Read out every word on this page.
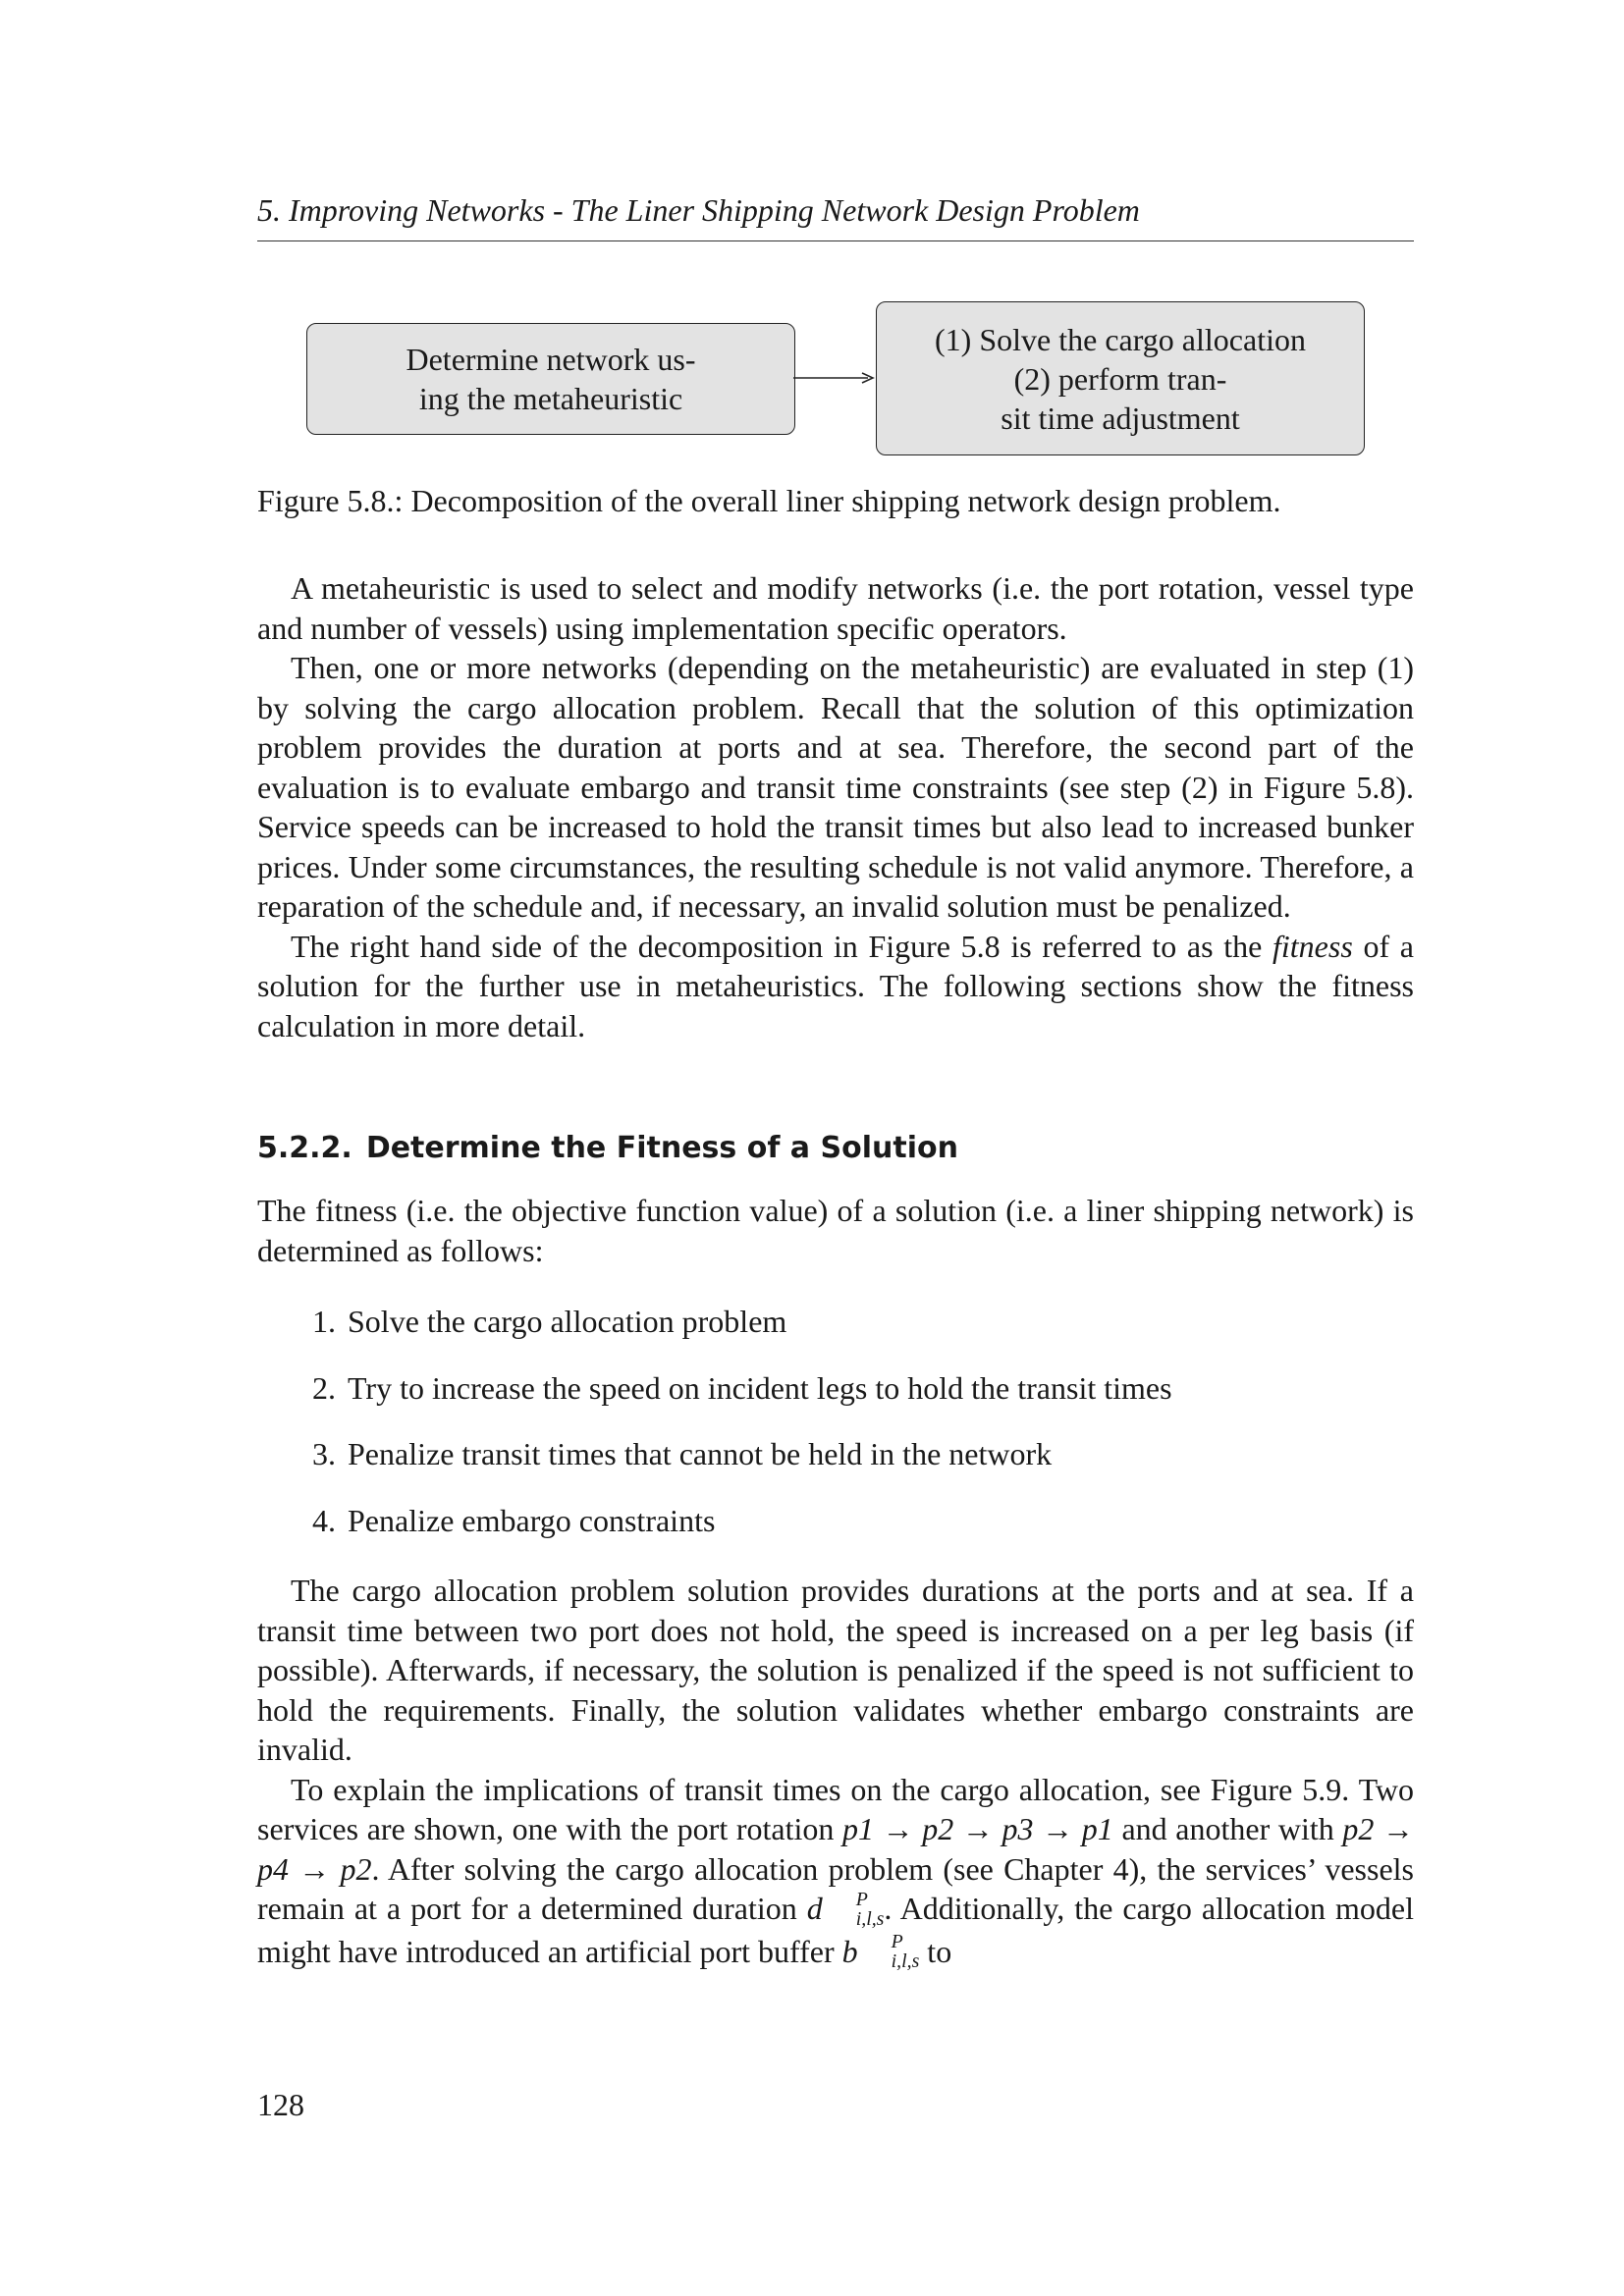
5. Improving Networks - The Liner Shipping Network Design Problem
Determine network us-
ing the metaheuristic
(1) Solve the cargo allocation
(2) perform tran-
sit time adjustment
Figure 5.8.: Decomposition of the overall liner shipping network design problem.

A metaheuristic is used to select and modify networks (i.e. the port rotation, vessel type and number of vessels) using implementation specific operators.

Then, one or more networks (depending on the metaheuristic) are evaluated in step (1) by solving the cargo allocation problem. Recall that the solution of this optimization problem provides the duration at ports and at sea. Therefore, the second part of the evaluation is to evaluate embargo and transit time constraints (see step (2) in Figure 5.8). Service speeds can be increased to hold the transit times but also lead to increased bunker prices. Under some circumstances, the resulting schedule is not valid anymore. Therefore, a reparation of the schedule and, if necessary, an invalid solution must be penalized.

The right hand side of the decomposition in Figure 5.8 is referred to as the fitness of a solution for the further use in metaheuristics. The following sections show the fitness calculation in more detail.

5.2.2. Determine the Fitness of a Solution

The fitness (i.e. the objective function value) of a solution (i.e. a liner shipping network) is determined as follows:

1. Solve the cargo allocation problem
2. Try to increase the speed on incident legs to hold the transit times
3. Penalize transit times that cannot be held in the network
4. Penalize embargo constraints

The cargo allocation problem solution provides durations at the ports and at sea. If a transit time between two port does not hold, the speed is increased on a per leg basis (if possible). Afterwards, if necessary, the solution is penalized if the speed is not sufficient to hold the requirements. Finally, the solution validates whether embargo constraints are invalid.

To explain the implications of transit times on the cargo allocation, see Figure 5.9. Two services are shown, one with the port rotation p1 → p2 → p3 → p1 and another with p2 → p4 → p2. After solving the cargo allocation problem (see Chapter 4), the services’ vessels remain at a port for a determined duration d	P
i,l,s . Additionally, the cargo allocation model might have introduced an artificial port buffer b	P
i,l,s to

128
